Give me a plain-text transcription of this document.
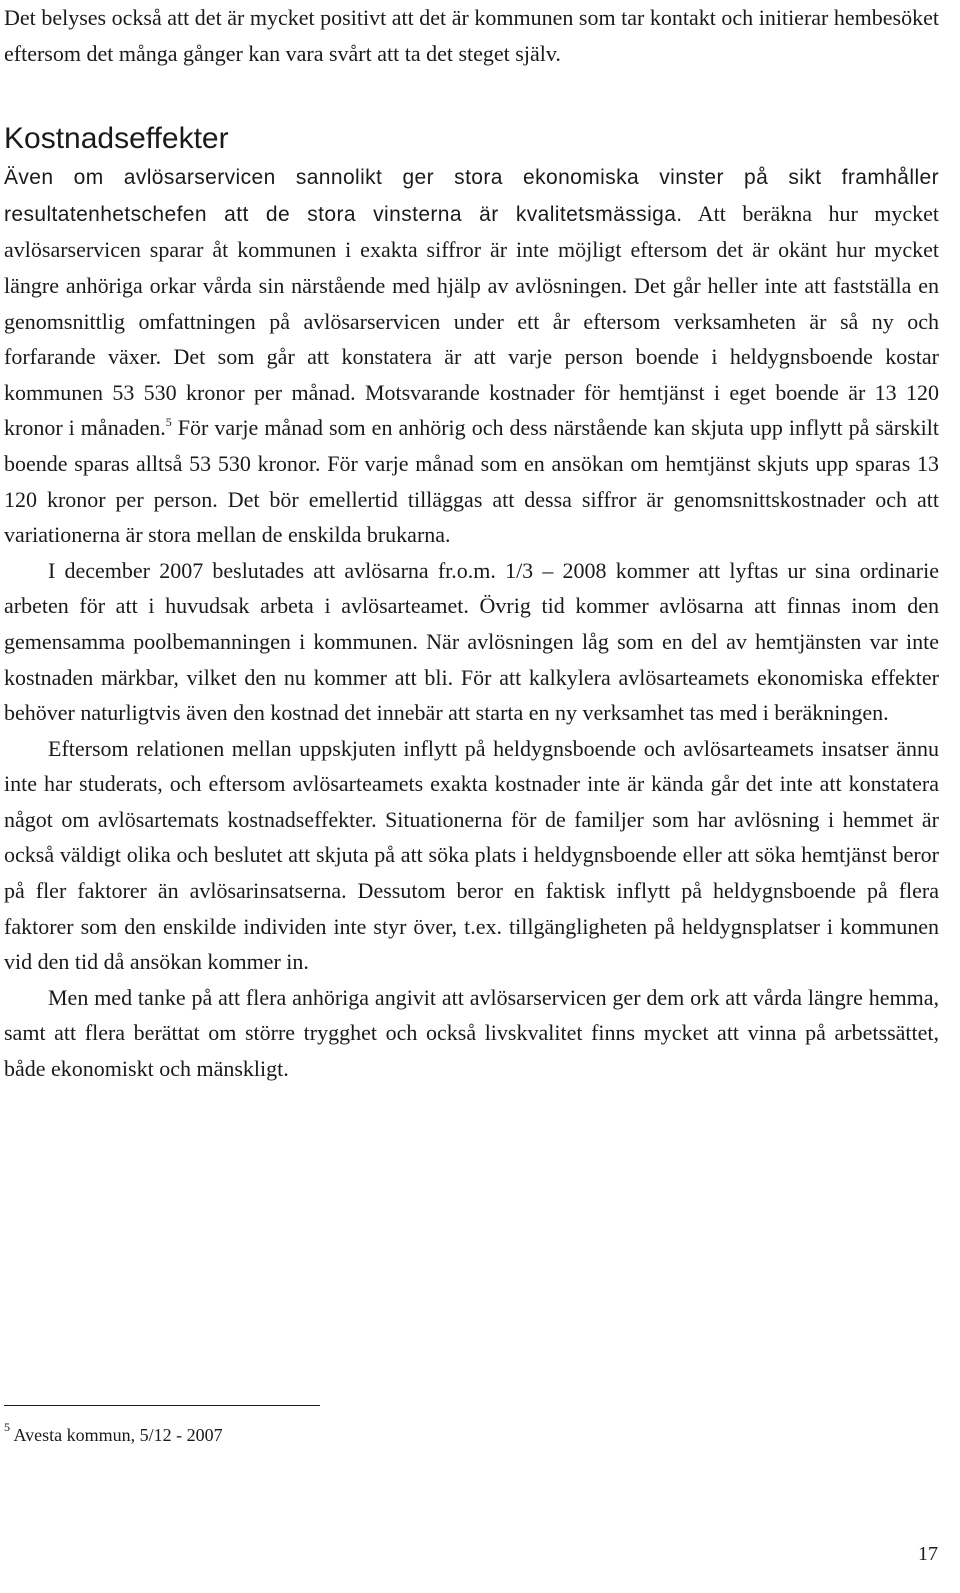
Det belyses också att det är mycket positivt att det är kommunen som tar kontakt och initierar hembesöket eftersom det många gånger kan vara svårt att ta det steget själv.

Kostnadseffekter

Även om avlösarservicen sannolikt ger stora ekonomiska vinster på sikt framhåller resultatenhetschefen att de stora vinsterna är kvalitetsmässiga. Att beräkna hur mycket avlösarservicen sparar åt kommunen i exakta siffror är inte möjligt eftersom det är okänt hur mycket längre anhöriga orkar vårda sin närstående med hjälp av avlösningen. Det går heller inte att fastställa en genomsnittlig omfattningen på avlösarservicen under ett år eftersom verksamheten är så ny och forfarande växer. Det som går att konstatera är att varje person boende i heldygnsboende kostar kommunen 53 530 kronor per månad. Motsvarande kostnader för hemtjänst i eget boende är 13 120 kronor i månaden.$^5$ För varje månad som en anhörig och dess närstående kan skjuta upp inflytt på särskilt boende sparas alltså 53 530 kronor. För varje månad som en ansökan om hemtjänst skjuts upp sparas 13 120 kronor per person. Det bör emellertid tilläggas att dessa siffror är genomsnittskostnader och att variationerna är stora mellan de enskilda brukarna.

I december 2007 beslutades att avlösarna fr.o.m. 1/3 – 2008 kommer att lyftas ur sina ordinarie arbeten för att i huvudsak arbeta i avlösarteamet. Övrig tid kommer avlösarna att finnas inom den gemensamma poolbemanningen i kommunen. När avlösningen låg som en del av hemtjänsten var inte kostnaden märkbar, vilket den nu kommer att bli. För att kalkylera avlösarteamets ekonomiska effekter behöver naturligtvis även den kostnad det innebär att starta en ny verksamhet tas med i beräkningen.

Eftersom relationen mellan uppskjuten inflytt på heldygnsboende och avlösarteamets insatser ännu inte har studerats, och eftersom avlösarteamets exakta kostnader inte är kända går det inte att konstatera något om avlösartemats kostnadseffekter. Situationerna för de familjer som har avlösning i hemmet är också väldigt olika och beslutet att skjuta på att söka plats i heldygnsboende eller att söka hemtjänst beror på fler faktorer än avlösarinsatserna. Dessutom beror en faktisk inflytt på heldygnsboende på flera faktorer som den enskilde individen inte styr över, t.ex. tillgängligheten på heldygnsplatser i kommunen vid den tid då ansökan kommer in.

Men med tanke på att flera anhöriga angivit att avlösarservicen ger dem ork att vårda längre hemma, samt att flera berättat om större trygghet och också livskvalitet finns mycket att vinna på arbetssättet, både ekonomiskt och mänskligt.

$^5$ Avesta kommun, 5/12 - 2007
17
